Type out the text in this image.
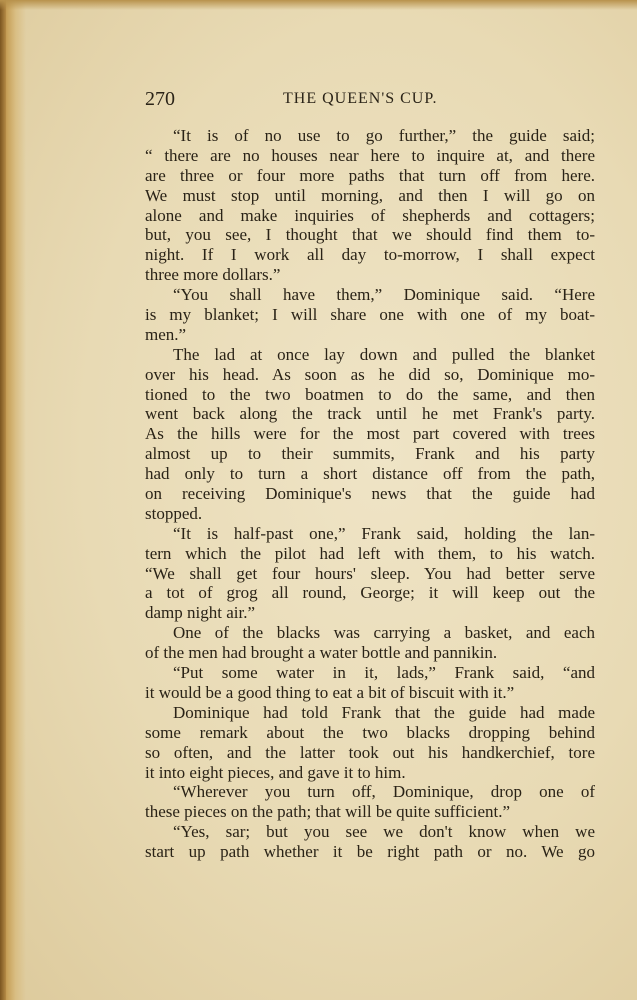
270	THE QUEEN'S CUP.
“It is of no use to go further,” the guide said;
“ there are no houses near here to inquire at, and there
are three or four more paths that turn off from here.
We must stop until morning, and then I will go on
alone and make inquiries of shepherds and cottagers;
but, you see, I thought that we should find them to-
night. If I work all day to-morrow, I shall expect
three more dollars.”
“You shall have them,” Dominique said. “Here
is my blanket; I will share one with one of my boat-
men.”
The lad at once lay down and pulled the blanket
over his head. As soon as he did so, Dominique mo-
tioned to the two boatmen to do the same, and then
went back along the track until he met Frank's party.
As the hills were for the most part covered with trees
almost up to their summits, Frank and his party
had only to turn a short distance off from the path,
on receiving Dominique's news that the guide had
stopped.
“It is half-past one,” Frank said, holding the lan-
tern which the pilot had left with them, to his watch.
“We shall get four hours' sleep. You had better serve
a tot of grog all round, George; it will keep out the
damp night air.”
One of the blacks was carrying a basket, and each
of the men had brought a water bottle and pannikin.
“Put some water in it, lads,” Frank said, “and
it would be a good thing to eat a bit of biscuit with it.”
Dominique had told Frank that the guide had made
some remark about the two blacks dropping behind
so often, and the latter took out his handkerchief, tore
it into eight pieces, and gave it to him.
“Wherever you turn off, Dominique, drop one of
these pieces on the path; that will be quite sufficient.”
“Yes, sar; but you see we don't know when we
start up path whether it be right path or no. We go
